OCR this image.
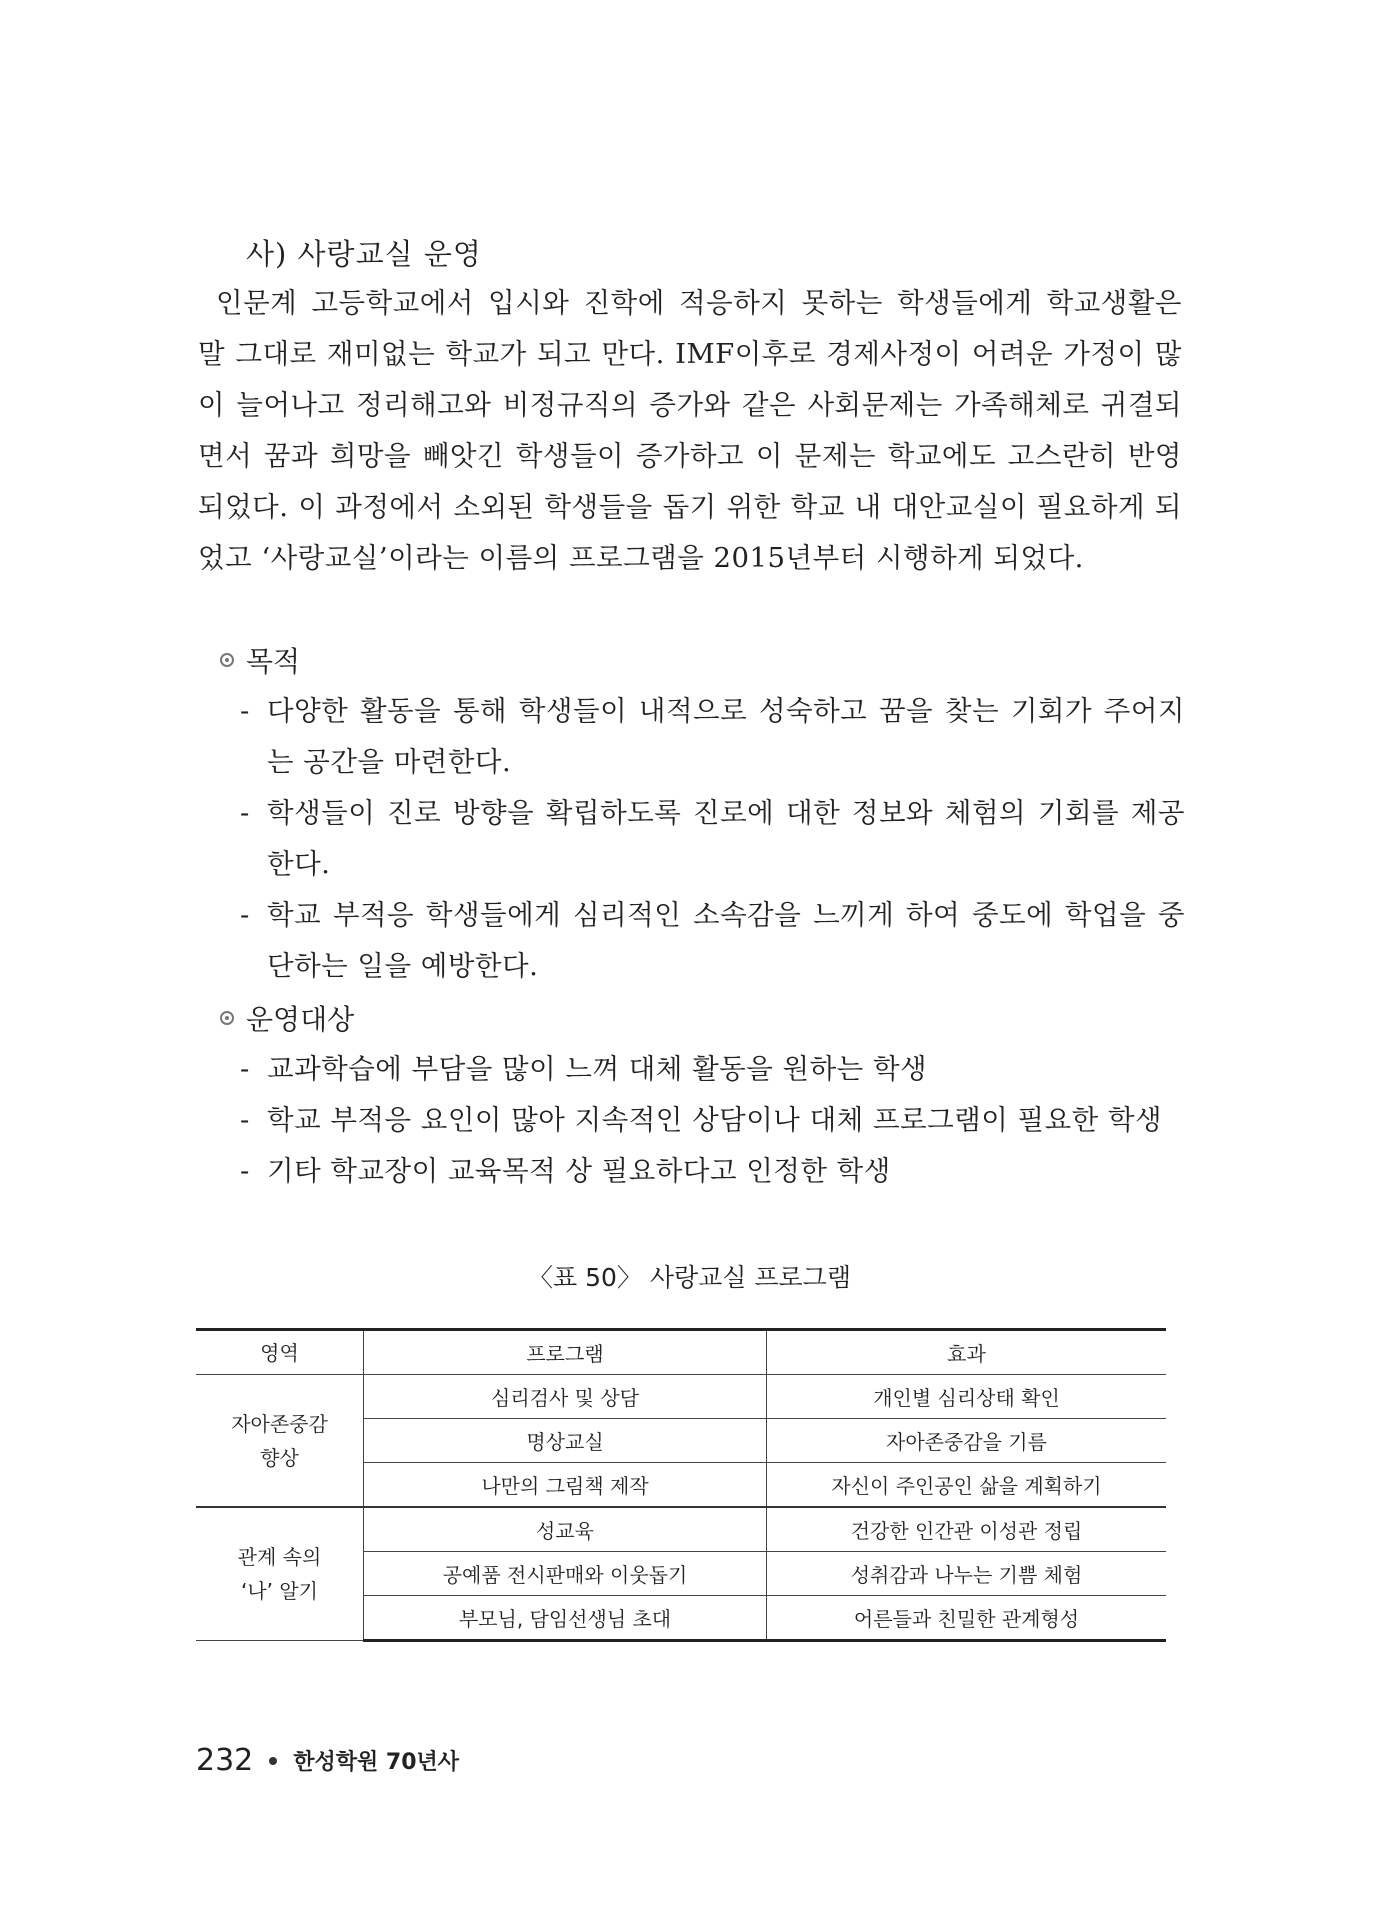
사) 사랑교실 운영

인문계 고등학교에서 입시와 진학에 적응하지 못하는 학생들에게 학교생활은 말 그대로 재미없는 학교가 되고 만다. IMF이후로 경제사정이 어려운 가정이 많이 늘어나고 정리해고와 비정규직의 증가와 같은 사회문제는 가족해체로 귀결되면서 꿈과 희망을 빼앗긴 학생들이 증가하고 이 문제는 학교에도 고스란히 반영되었다. 이 과정에서 소외된 학생들을 돕기 위한 학교 내 대안교실이 필요하게 되었고 ‘사랑교실’이라는 이름의 프로그램을 2015년부터 시행하게 되었다.

목적
- 다양한 활동을 통해 학생들이 내적으로 성숙하고 꿈을 찾는 기회가 주어지는 공간을 마련한다.
- 학생들이 진로 방향을 확립하도록 진로에 대한 정보와 체험의 기회를 제공한다.
- 학교 부적응 학생들에게 심리적인 소속감을 느끼게 하여 중도에 학업을 중단하는 일을 예방한다.
운영대상
- 교과학습에 부담을 많이 느껴 대체 활동을 원하는 학생
- 학교 부적응 요인이 많아 지속적인 상담이나 대체 프로그램이 필요한 학생
- 기타 학교장이 교육목적 상 필요하다고 인정한 학생

〈표 50〉 사랑교실 프로그램

영역	프로그램	효과
자아존중감
향상	심리검사 및 상담	개인별 심리상태 확인
	명상교실	자아존중감을 기름
	나만의 그림책 제작	자신이 주인공인 삶을 계획하기
관계 속의
‘나’ 알기	성교육	건강한 인간관 이성관 정립
	공예품 전시판매와 이웃돕기	성취감과 나누는 기쁨 체험
	부모님, 담임선생님 초대	어른들과 친밀한 관계형성
232 한성학원 70년사
